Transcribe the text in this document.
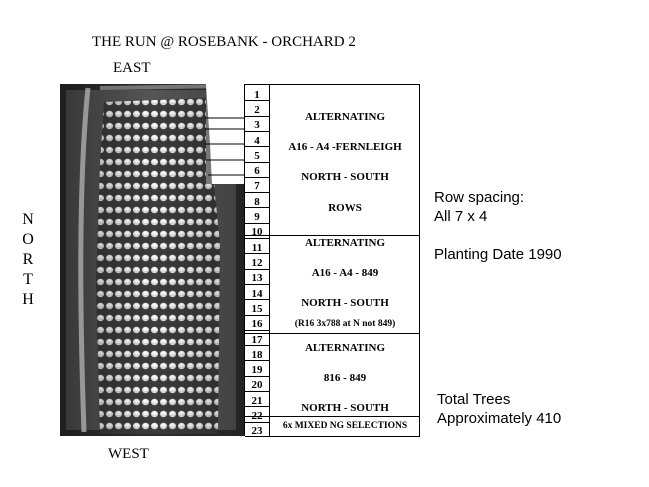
THE RUN @ ROSEBANK - ORCHARD 2
EAST
WEST
N
O
R
T
H
1
2
3
4
5
6
7
8
9
10
11
12
13
14
15
16
17
18
19
20
21
22
23
ALTERNATING
A16 - A4 -FERNLEIGH
NORTH - SOUTH
ROWS
ALTERNATING
A16 - A4 - 849
NORTH - SOUTH
(R16 3x788 at N not 849)
ALTERNATING
816 - 849
NORTH - SOUTH
6x MIXED NG SELECTIONS
Row spacing:
All 7 x 4
Planting Date 1990
Total Trees
Approximately 410
